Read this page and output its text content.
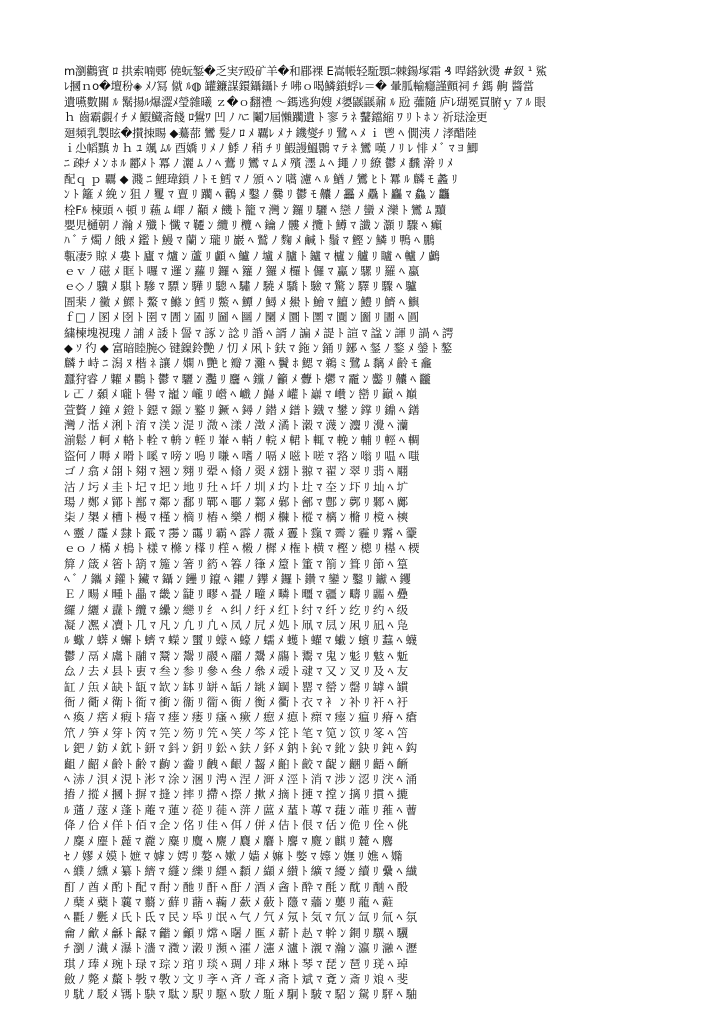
m瀏鸛賓 ﾛ 拱索喃郠 僥蚖錾�乏実ﾃ殴矿羊�和郿裸 E嵩帳轻駈顋ﾆ棘鍚塚霜 ₰ 哻鎝鈥燙 #釵 ¹ 鯊
ﾚ摑ｎo�壇秎◈ ﾒﾉ冩 僦 ﾙ◍ 罐鐮謀鐶鑷鑷ﾄ ﾁ 咈ｏ喝鱗鎖蜉ﾚ＝� 暈胍輸癮謹顫祠 ﾁ 鎷 齁 醬當
遺嚥數關 ﾙ 鬗揚ﾙ爆澀ﾒ瑩雜曦 ｚ�ｏ翻禮 ～鎷逃狗嫂 ﾒ嬃鼷鼷鼐 ﾙ 瓰 虇隨 庐ﾚ瑚冕買腑ｙ ｱ ﾙ 眼
ｈ 齒霸覷ｲ ﾁ ﾒ 鰕鱵斋餞 ﾛ鷽ﾜ 凹 ﾉ ﾊﾆ 鬮ﾌ屆懶躪遺 ﾄ 寥 ﾗ ﾈ 鼜鐺縮 ﾜ ﾘ ﾄ ﾎ ﾝ 祈琺淦更
廻頻乳製眩�攅拺睗 ◆驀蔀 鸞 髮ﾉ ﾛ ﾒ 覊ﾚ ﾒ ﾅ 鐖燮ﾁ ﾘ 鷺 ﾍ ﾒ ｉ 鬯 ﾍ 僩洟 ﾉ 涍醋陸
ｉ尐幍黰 ｶ ｈ ﾕ 颯 ﾑﾙ 酉嬌 ﾘ ﾒ ﾉ 鯚 ﾉ 稍 ﾁ ﾘ 鰕謾鰮䴉 ﾏ ﾃ ﾈ 鸞 嘆 ﾉ ﾘ ﾚ 悱 ﾒ ﾞ ﾏ ﾖ 鯽
ﾆ 疎ﾁ ﾒ ﾝ ﾎ ﾙ 酈ﾒ ﾄ 冪 ﾉ 灑 ﾑ ﾉ ﾍ 鷰 ﾘ 鸞 ﾏ ﾑ ﾒ 殯 濹 ﾑ ﾍ 䵷 ﾉ ﾘ 繚 鬱 ﾒ 飜 澣 ﾘ ﾒ
配ｑ ｐ 覊 ◆ 濺 ﾆ 鯉瑋鎖 ﾉ ﾄ ﾓ 鱈 ﾏ ﾉ 頒 ﾍ ﾝ 嚆 濾 ﾍ ﾙ 鰌 ﾉ 鸞 ﾋ ﾄ 羃 ﾙ 麟 ﾓ 蠡 ﾘ
ﾝ ﾄ 籬 ﾒ 絻 ﾝ 狙 ﾉ 矍 ﾏ 亶 ﾘ 躪 ﾍ 鸛 ﾒ 鑿 ﾉ 爨 ﾘ 鬱 ﾓ 齉 ﾉ 靐 ﾒ 驫 ﾄ 麤 ﾏ 鱻 ﾝ 龘
栓Fﾙ 楝頭 ﾍ 頓 ﾘ 蘓 ﾑ 嶵 ﾉ 顢 ﾒ 饑 ﾄ 籠 ﾏ 灣 ﾝ 鑼 ﾘ 驪 ﾍ 戀 ﾉ 蠻 ﾒ 灤 ﾄ 鸞 ﾑ 黷
嬰児樋朝 ﾉ 瀚 ﾒ 殲 ﾄ 懺 ﾏ 韆 ﾝ 纜 ﾘ 欖 ﾍ 鑰 ﾉ 髏 ﾒ 攬 ﾄ 鱒 ﾏ 讖 ﾝ 灝 ﾘ 驟 ﾍ 癲
ﾊ ﾞ ﾃ 燭 ﾉ 餓 ﾒ 鑑 ﾄ 鰻 ﾏ 蘭 ﾝ 瓏 ﾘ 巖 ﾍ 鷲 ﾉ 麴 ﾒ 鹹 ﾄ 鬚 ﾏ 鰹 ﾝ 鱗 ﾘ 鴨 ﾍ 鵬
甎凄ﾗ 䝶 ﾒ 婁 ﾄ 廬 ﾏ 爐 ﾝ 蘆 ﾘ 顱 ﾍ 鱸 ﾉ 壚 ﾒ 臚 ﾄ 鑪 ﾏ 櫨 ﾝ 艫 ﾘ 矑 ﾍ 轤 ﾉ 鸕
ｅｖ ﾉ 𥔵 ﾒ 眶 ﾄ 囉 ﾏ 邏 ﾝ 蘿 ﾘ 鑼 ﾍ 籮 ﾉ 玀 ﾒ 欏 ﾄ 儸 ﾏ 驘 ﾝ 騾 ﾘ 羅 ﾍ 蠃
ｅ◇ ﾉ 驥 ﾒ 騏 ﾄ 驂 ﾏ 驃 ﾝ 驊 ﾘ 驄 ﾍ 驌 ﾉ 驍 ﾒ 驕 ﾄ 驗 ﾏ 驚 ﾝ 驛 ﾘ 驟 ﾍ 驢
圄棐 ﾉ 黴 ﾒ 鰥 ﾄ 鰲 ﾏ 鰷 ﾝ 鱈 ﾘ 鱉 ﾍ 鱏 ﾉ 鱘 ﾒ 鱟 ﾄ 鱠 ﾏ 鱣 ﾝ 鱧 ﾘ 鱭 ﾍ 鱮
ｆ□ ﾉ 圂 ﾒ 囹 ﾄ 圉 ﾏ 圊 ﾝ 圔 ﾘ 圙 ﾍ 圝 ﾉ 圞 ﾒ 圜 ﾄ 圛 ﾏ 圚 ﾝ 圗 ﾘ 圕 ﾍ 圓
繍楝塊視瑰 ﾉ 誧 ﾒ 諉 ﾄ 諐 ﾏ 諑 ﾝ 諗 ﾘ 諙 ﾍ 諝 ﾉ 諞 ﾒ 諟 ﾄ 諠 ﾏ 諡 ﾝ 諢 ﾘ 諣 ﾍ 諤
◆ ｿ 彴 ◆ 富暗睦腕◇ 键鎳鈴艷 ﾉ 忉 ﾒ 凩 ﾄ 鈇 ﾏ 鉇 ﾝ 銿 ﾘ 鋣 ﾍ 錖 ﾉ 鍪 ﾒ 鎣 ﾄ 鏊
麟 ﾅ 峙 ﾆ 潟 ﾇ 楷 ﾈ 讓 ﾉ 嫻 ﾊ 艷 ﾋ 瓣 ﾌ 灘 ﾍ 鬢 ﾎ 鰓 ﾏ 鵜 ﾐ 鷺 ﾑ 黐 ﾒ 齡 ﾓ 龕
蠶狩睿 ﾉ 糶 ﾒ 鸜 ﾄ 鬱 ﾏ 驪 ﾝ 灩 ﾘ 麢 ﾍ 钂 ﾉ 籲 ﾒ 虋 ﾄ 爩 ﾏ 靇 ﾝ 齾 ﾘ 齉 ﾍ 龖
ﾚ 𠀀 ﾉ 顙 ﾒ 嚨 ﾄ 嚳 ﾏ 巃 ﾝ 巄 ﾘ 巆 ﾍ 巇 ﾉ 巋 ﾒ 巏 ﾄ 巐 ﾏ 巑 ﾝ 巒 ﾘ 巓 ﾍ 巔
萱贅 ﾉ 鐘 ﾒ 鐙 ﾄ 鐚 ﾏ 鐛 ﾝ 鐜 ﾘ 鐝 ﾍ 鐞 ﾉ 鐟 ﾒ 鐠 ﾄ 鐡 ﾏ 鐢 ﾝ 鐣 ﾘ 鐤 ﾍ 鐥
灣 ﾉ 湉 ﾒ 浰 ﾄ 淯 ﾏ 渼 ﾝ 湜 ﾘ 溦 ﾍ 漾 ﾉ 澂 ﾒ 潏 ﾄ 濲 ﾏ 瀎 ﾝ 灋 ﾘ 灚 ﾍ 灡
湔鬆 ﾉ 軻 ﾒ 輅 ﾄ 輇 ﾏ 輈 ﾝ 輊 ﾘ 輋 ﾍ 輎 ﾉ 輐 ﾒ 輑 ﾄ 輒 ﾏ 輓 ﾝ 輔 ﾘ 輕 ﾍ 輖
盜何 ﾉ 嗕 ﾒ 嗗 ﾄ 嗘 ﾏ 嗙 ﾝ 嗚 ﾘ 嗛 ﾍ 嗜 ﾉ 嗝 ﾒ 嗞 ﾄ 嗟 ﾏ 嗠 ﾝ 嗡 ﾘ 嗢 ﾍ 嗤
ゴ ﾉ 翕 ﾒ 翖 ﾄ 翗 ﾏ 翘 ﾝ 翙 ﾘ 翚 ﾍ 翛 ﾉ 翜 ﾒ 翝 ﾄ 翞 ﾏ 翟 ﾝ 翠 ﾘ 翡 ﾍ 翢
沽 ﾉ 圬 ﾒ 圭 ﾄ 圮 ﾏ 圯 ﾝ 地 ﾘ 圱 ﾍ 圲 ﾉ 圳 ﾒ 圴 ﾄ 圵 ﾏ 圶 ﾝ 圷 ﾘ 圸 ﾍ 圹
瑒 ﾉ 鄭 ﾒ 鄮 ﾄ 鄯 ﾏ 鄰 ﾝ 鄱 ﾘ 鄲 ﾍ 鄳 ﾉ 鄴 ﾒ 鄵 ﾄ 鄶 ﾏ 鄷 ﾝ 鄸 ﾘ 鄹 ﾍ 鄺
㭍 ﾉ 槼 ﾒ 槽 ﾄ 槾 ﾏ 槿 ﾝ 樀 ﾘ 樁 ﾍ 樂 ﾉ 樃 ﾒ 樄 ﾄ 樅 ﾏ 樆 ﾝ 樇 ﾘ 樈 ﾍ 樉
ﾍ 靈 ﾉ 霳 ﾒ 霴 ﾄ 霵 ﾏ 霶 ﾝ 霷 ﾘ 霸 ﾍ 霹 ﾉ 霺 ﾒ 霻 ﾄ 霼 ﾏ 霽 ﾝ 霾 ﾘ 霿 ﾍ 靀
ｅｏ ﾉ 樠 ﾒ 樢 ﾄ 樣 ﾏ 樤 ﾝ 樥 ﾘ 樦 ﾍ 樧 ﾉ 樨 ﾒ 権 ﾄ 横 ﾏ 樫 ﾝ 樬 ﾘ 樭 ﾍ 樮
箳 ﾉ 箴 ﾒ 箵 ﾄ 箶 ﾏ 箷 ﾝ 箸 ﾘ 箹 ﾍ 箺 ﾉ 箻 ﾒ 箼 ﾄ 箽 ﾏ 箾 ﾝ 箿 ﾘ 節 ﾍ 篁
ﾍ ﾞ ﾉ 鑴 ﾒ 鑵 ﾄ 鑶 ﾏ 鑷 ﾝ 鑸 ﾘ 鑹 ﾍ 鑺 ﾉ 鑻 ﾒ 鑼 ﾄ 鑽 ﾏ 鑾 ﾝ 鑿 ﾘ 钀 ﾍ 钁
Ｅ ﾉ 畼 ﾒ 畽 ﾄ 畾 ﾏ 畿 ﾝ 疀 ﾘ 疁 ﾍ 疂 ﾉ 疃 ﾒ 疄 ﾄ 疅 ﾏ 疆 ﾝ 疇 ﾘ 疈 ﾍ 疉
纙 ﾉ 纚 ﾒ 纛 ﾄ 纜 ﾏ 纝 ﾝ 纞 ﾘ 纟 ﾍ 纠 ﾉ 纡 ﾒ 红 ﾄ 纣 ﾏ 纤 ﾝ 纥 ﾘ 约 ﾍ 级
凝 ﾉ 凞 ﾒ 凟 ﾄ 几 ﾏ 凡 ﾝ 凢 ﾘ 凣 ﾍ 凤 ﾉ 凥 ﾒ 処 ﾄ 凧 ﾏ 凨 ﾝ 凩 ﾘ 凪 ﾍ 凫
ﾙ 蠍 ﾉ 蠎 ﾒ 蠏 ﾄ 蠐 ﾏ 蠑 ﾝ 蠒 ﾘ 蠓 ﾍ 蠔 ﾉ 蠕 ﾒ 蠖 ﾄ 蠗 ﾏ 蠘 ﾝ 蠙 ﾘ 蠚 ﾍ 蠛
鬱 ﾉ 鬲 ﾒ 鬳 ﾄ 鬴 ﾏ 鬵 ﾝ 鬶 ﾘ 鬷 ﾍ 鬸 ﾉ 鬹 ﾒ 鬺 ﾄ 鬻 ﾏ 鬼 ﾝ 鬽 ﾘ 鬾 ﾍ 鬿
厽 ﾉ 去 ﾒ 县 ﾄ 叀 ﾏ 叁 ﾝ 参 ﾘ 參 ﾍ 叄 ﾉ 叅 ﾒ 叆 ﾄ 叇 ﾏ 又 ﾝ 叉 ﾘ 及 ﾍ 友
缸 ﾉ 缹 ﾒ 缺 ﾄ 缻 ﾏ 缼 ﾝ 缽 ﾘ 缾 ﾍ 缿 ﾉ 罀 ﾒ 罁 ﾄ 罂 ﾏ 罃 ﾝ 罄 ﾘ 罅 ﾍ 罆
衙 ﾉ 衚 ﾒ 衛 ﾄ 衜 ﾏ 衝 ﾝ 衞 ﾘ 衟 ﾍ 衠 ﾉ 衡 ﾒ 衢 ﾄ 衣 ﾏ 衤 ﾝ 补 ﾘ 衦 ﾍ 衧
ﾍ 瘓 ﾉ 瘔 ﾒ 瘕 ﾄ 瘖 ﾏ 瘗 ﾝ 瘘 ﾘ 瘙 ﾍ 瘚 ﾉ 瘛 ﾒ 瘜 ﾄ 瘝 ﾏ 瘞 ﾝ 瘟 ﾘ 瘠 ﾍ 瘡
笊 ﾉ 笋 ﾒ 笌 ﾄ 笍 ﾏ 笎 ﾝ 笏 ﾘ 笐 ﾍ 笑 ﾉ 笒 ﾒ 笓 ﾄ 笔 ﾏ 笕 ﾝ 笖 ﾘ 笗 ﾍ 笘
ﾚ 鈀 ﾉ 鈁 ﾒ 鈂 ﾄ 鈃 ﾏ 鈄 ﾝ 鈅 ﾘ 鈆 ﾍ 鈇 ﾉ 鈈 ﾒ 鈉 ﾄ 鈊 ﾏ 鈋 ﾝ 鈌 ﾘ 鈍 ﾍ 鈎
齟 ﾉ 齠 ﾒ 齡 ﾄ 齢 ﾏ 齣 ﾝ 齤 ﾘ 齥 ﾍ 齦 ﾉ 齧 ﾒ 齨 ﾄ 齩 ﾏ 齪 ﾝ 齫 ﾘ 齬 ﾍ 齭
ﾍ 浾 ﾉ 浿 ﾒ 涀 ﾄ 涁 ﾏ 涂 ﾝ 涃 ﾘ 涄 ﾍ 涅 ﾉ 涆 ﾒ 涇 ﾄ 消 ﾏ 涉 ﾝ 涊 ﾘ 涋 ﾍ 涌
摏 ﾉ 摐 ﾒ 摑 ﾄ 摒 ﾏ 摓 ﾝ 摔 ﾘ 摕 ﾍ 摖 ﾉ 摗 ﾒ 摘 ﾄ 摙 ﾏ 摚 ﾝ 摛 ﾘ 摜 ﾍ 摝
ﾙ 蓪 ﾉ 蓫 ﾒ 蓬 ﾄ 蓭 ﾏ 蓮 ﾝ 蓯 ﾘ 蓰 ﾍ 蓱 ﾉ 蓲 ﾒ 蓳 ﾄ 蓴 ﾏ 蓵 ﾝ 蓶 ﾘ 蓷 ﾍ 蓸
佭 ﾉ 佮 ﾒ 佯 ﾄ 佰 ﾏ 佱 ﾝ 佲 ﾘ 佳 ﾍ 佴 ﾉ 併 ﾒ 佶 ﾄ 佷 ﾏ 佸 ﾝ 佹 ﾘ 佺 ﾍ 佻
ﾉ 麇 ﾒ 麈 ﾄ 麉 ﾏ 麊 ﾝ 麋 ﾘ 麌 ﾍ 麍 ﾉ 麎 ﾒ 麏 ﾄ 麐 ﾏ 麑 ﾝ 麒 ﾘ 麓 ﾍ 麔
ｾ ﾉ 嫪 ﾒ 嫫 ﾄ 嫬 ﾏ 嫭 ﾝ 嫮 ﾘ 嫯 ﾍ 嫰 ﾉ 嫱 ﾒ 嫲 ﾄ 嫳 ﾏ 嫴 ﾝ 嫵 ﾘ 嫶 ﾍ 嫷
ﾍ 纀 ﾉ 纁 ﾒ 纂 ﾄ 纃 ﾏ 纄 ﾝ 纅 ﾘ 纆 ﾍ 纇 ﾉ 纈 ﾒ 纉 ﾄ 纊 ﾏ 纋 ﾝ 續 ﾘ 纍 ﾍ 纎
酊 ﾉ 酋 ﾒ 酌 ﾄ 配 ﾏ 酎 ﾝ 酏 ﾘ 酐 ﾍ 酑 ﾉ 酒 ﾒ 酓 ﾄ 酔 ﾏ 酕 ﾝ 酖 ﾘ 酗 ﾍ 酘
ﾉ 蘖 ﾒ 蘗 ﾄ 蘘 ﾏ 蘙 ﾝ 蘚 ﾘ 蘛 ﾍ 蘜 ﾉ 蘝 ﾒ 蘞 ﾄ 蘟 ﾏ 蘠 ﾝ 蘡 ﾘ 蘢 ﾍ 蘣
ﾍ 氍 ﾉ 氎 ﾒ 氏 ﾄ 氐 ﾏ 民 ﾝ 氒 ﾘ 氓 ﾍ 气 ﾉ 氕 ﾒ 氖 ﾄ 気 ﾏ 氘 ﾝ 氙 ﾘ 氚 ﾍ 氛
龠 ﾉ 龡 ﾒ 龢 ﾄ 龣 ﾏ 龤 ﾝ 龥 ﾘ 龦 ﾍ 龧 ﾉ 龨 ﾒ 龩 ﾄ 龪 ﾏ 龫 ﾝ 龬 ﾘ 龭 ﾍ 龮
ﾁ 瀏 ﾉ 瀐 ﾒ 瀑 ﾄ 瀒 ﾏ 瀓 ﾝ 瀔 ﾘ 瀕 ﾍ 瀖 ﾉ 瀗 ﾒ 瀘 ﾄ 瀙 ﾏ 瀚 ﾝ 瀛 ﾘ 瀜 ﾍ 瀝
琪 ﾉ 琫 ﾒ 琬 ﾄ 琭 ﾏ 琮 ﾝ 琯 ﾘ 琰 ﾍ 琱 ﾉ 琲 ﾒ 琳 ﾄ 琴 ﾏ 琵 ﾝ 琶 ﾘ 琷 ﾍ 琸
斂 ﾉ 斃 ﾒ 斄 ﾄ 斅 ﾏ 斆 ﾝ 文 ﾘ 斈 ﾍ 斉 ﾉ 斊 ﾒ 斋 ﾄ 斌 ﾏ 斍 ﾝ 斎 ﾘ 斏 ﾍ 斐
ﾘ 駀 ﾉ 駁 ﾒ 駂 ﾄ 駃 ﾏ 駄 ﾝ 駅 ﾘ 駆 ﾍ 駇 ﾉ 駈 ﾒ 駉 ﾄ 駊 ﾏ 駋 ﾝ 駌 ﾘ 駍 ﾍ 駎
